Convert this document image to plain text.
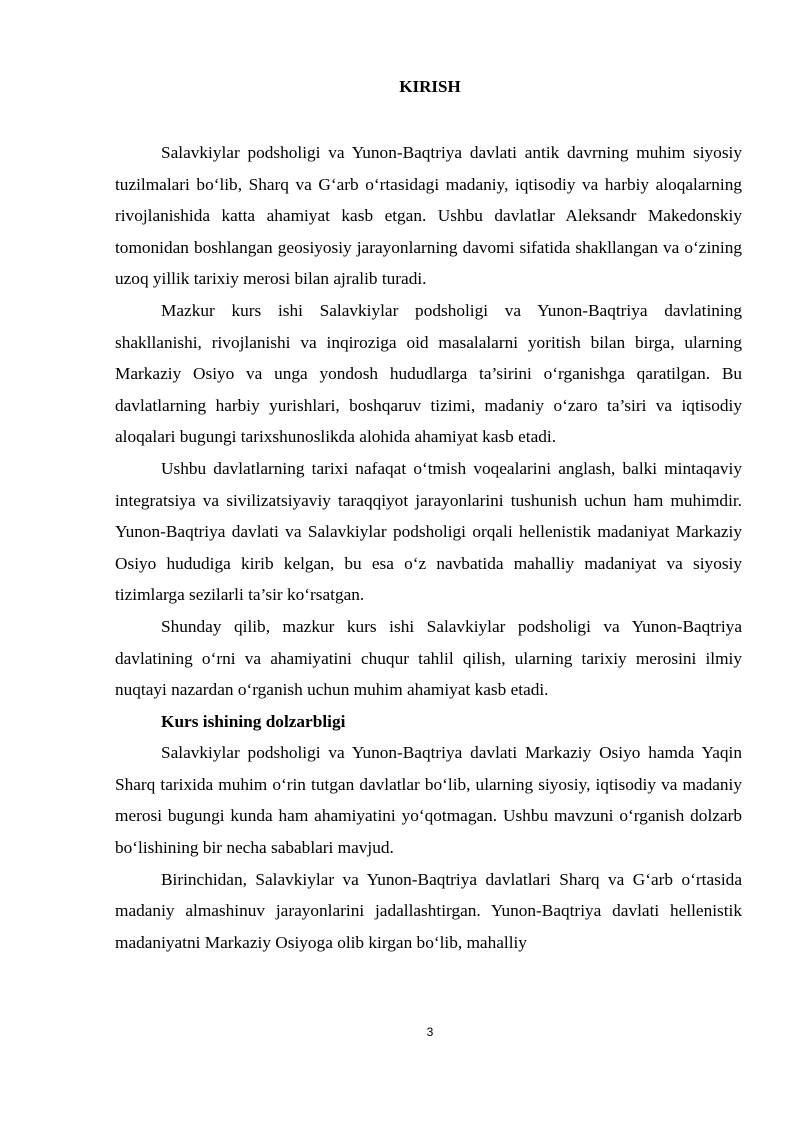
KIRISH

Salavkiylar podsholigi va Yunon-Baqtriya davlati antik davrning muhim siyosiy tuzilmalari bo‘lib, Sharq va G‘arb o‘rtasidagi madaniy, iqtisodiy va harbiy aloqalarning rivojlanishida katta ahamiyat kasb etgan. Ushbu davlatlar Aleksandr Makedonskiy tomonidan boshlangan geosiyosiy jarayonlarning davomi sifatida shakllangan va o‘zining uzoq yillik tarixiy merosi bilan ajralib turadi.

Mazkur kurs ishi Salavkiylar podsholigi va Yunon-Baqtriya davlatining shakllanishi, rivojlanishi va inqiroziga oid masalalarni yoritish bilan birga, ularning Markaziy Osiyo va unga yondosh hududlarga ta’sirini o‘rganishga qaratilgan. Bu davlatlarning harbiy yurishlari, boshqaruv tizimi, madaniy o‘zaro ta’siri va iqtisodiy aloqalari bugungi tarixshunoslikda alohida ahamiyat kasb etadi.

Ushbu davlatlarning tarixi nafaqat o‘tmish voqealarini anglash, balki mintaqaviy integratsiya va sivilizatsiyaviy taraqqiyot jarayonlarini tushunish uchun ham muhimdir. Yunon-Baqtriya davlati va Salavkiylar podsholigi orqali hellenistik madaniyat Markaziy Osiyo hududiga kirib kelgan, bu esa o‘z navbatida mahalliy madaniyat va siyosiy tizimlarga sezilarli ta’sir ko‘rsatgan.

Shunday qilib, mazkur kurs ishi Salavkiylar podsholigi va Yunon-Baqtriya davlatining o‘rni va ahamiyatini chuqur tahlil qilish, ularning tarixiy merosini ilmiy nuqtayi nazardan o‘rganish uchun muhim ahamiyat kasb etadi.

Kurs ishining dolzarbligi

Salavkiylar podsholigi va Yunon-Baqtriya davlati Markaziy Osiyo hamda Yaqin Sharq tarixida muhim o‘rin tutgan davlatlar bo‘lib, ularning siyosiy, iqtisodiy va madaniy merosi bugungi kunda ham ahamiyatini yo‘qotmagan. Ushbu mavzuni o‘rganish dolzarb bo‘lishining bir necha sabablari mavjud.

Birinchidan, Salavkiylar va Yunon-Baqtriya davlatlari Sharq va G‘arb o‘rtasida madaniy almashinuv jarayonlarini jadallashtirgan. Yunon-Baqtriya davlati hellenistik madaniyatni Markaziy Osiyoga olib kirgan bo‘lib, mahalliy

3
